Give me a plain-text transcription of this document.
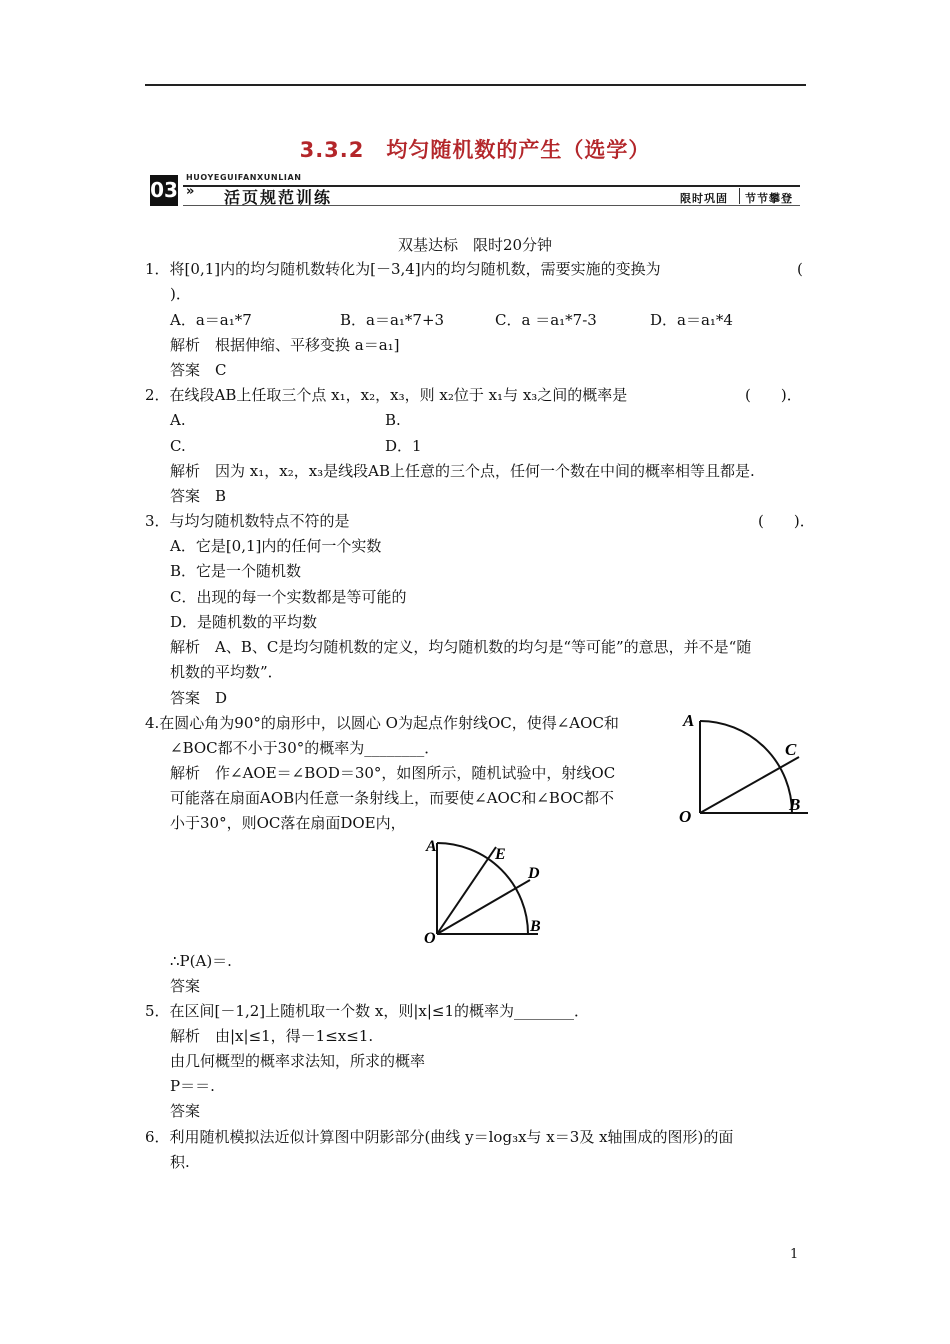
3.3.2　均匀随机数的产生（选学）
HUOYEGUIFANXUNLIAN
03 » 活页规范训练	限时巩固 节节攀登
双基达标　限时20分钟
1．将[0,1]内的均匀随机数转化为[－3,4]内的均匀随机数，需要实施的变换为	(
)．
A．a＝a₁*7	B．a＝a₁*7+3	C．a ＝a₁*7-3	D．a＝a₁*4
解析　根据伸缩、平移变换 a＝a₁]
答案　C
2．在线段AB上任取三个点 x₁，x₂，x₃，则 x₂位于 x₁与 x₃之间的概率是	(　　)．
A.	B.
C.	D．1
解析　因为 x₁，x₂，x₃是线段AB上任意的三个点，任何一个数在中间的概率相等且都是.
答案　B
3．与均匀随机数特点不符的是	(　　)．
A．它是[0,1]内的任何一个实数
B．它是一个随机数
C．出现的每一个实数都是等可能的
D．是随机数的平均数
解析　A、B、C是均匀随机数的定义，均匀随机数的均匀是“等可能”的意思，并不是“随
机数的平均数”．
答案　D
4.在圆心角为90°的扇形中，以圆心 O为起点作射线OC，使得∠AOC和
∠BOC都不小于30°的概率为________．
解析　作∠AOE＝∠BOD＝30°，如图所示，随机试验中，射线OC
可能落在扇面AOB内任意一条射线上，而要使∠AOC和∠BOC都不
小于30°，则OC落在扇面DOE内，
A
C
O
B
A	E
D
O
B
∴P(A)＝.
答案
5．在区间[－1,2]上随机取一个数 x，则|x|≤1的概率为________．
解析　由|x|≤1，得－1≤x≤1.
由几何概型的概率求法知，所求的概率
P＝＝.
答案
6．利用随机模拟法近似计算图中阴影部分(曲线 y＝log₃x与 x＝3及 x轴围成的图形)的面
积.
1
